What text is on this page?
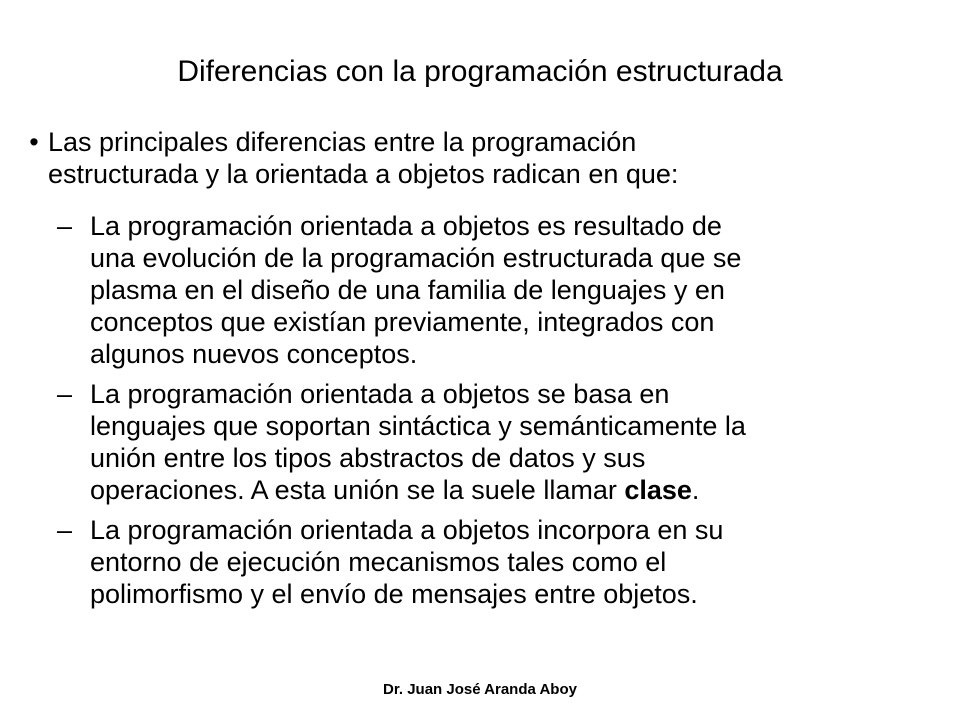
Diferencias con la programación estructurada
• Las principales diferencias entre la programación
estructurada y la orientada a objetos radican en que:
– La programación orientada a objetos es resultado de
una evolución de la programación estructurada que se
plasma en el diseño de una familia de lenguajes y en
conceptos que existían previamente, integrados con
algunos nuevos conceptos.
– La programación orientada a objetos se basa en
lenguajes que soportan sintáctica y semánticamente la
unión entre los tipos abstractos de datos y sus
operaciones. A esta unión se la suele llamar clase.
– La programación orientada a objetos incorpora en su
entorno de ejecución mecanismos tales como el
polimorfismo y el envío de mensajes entre objetos.
Dr. Juan José Aranda Aboy
